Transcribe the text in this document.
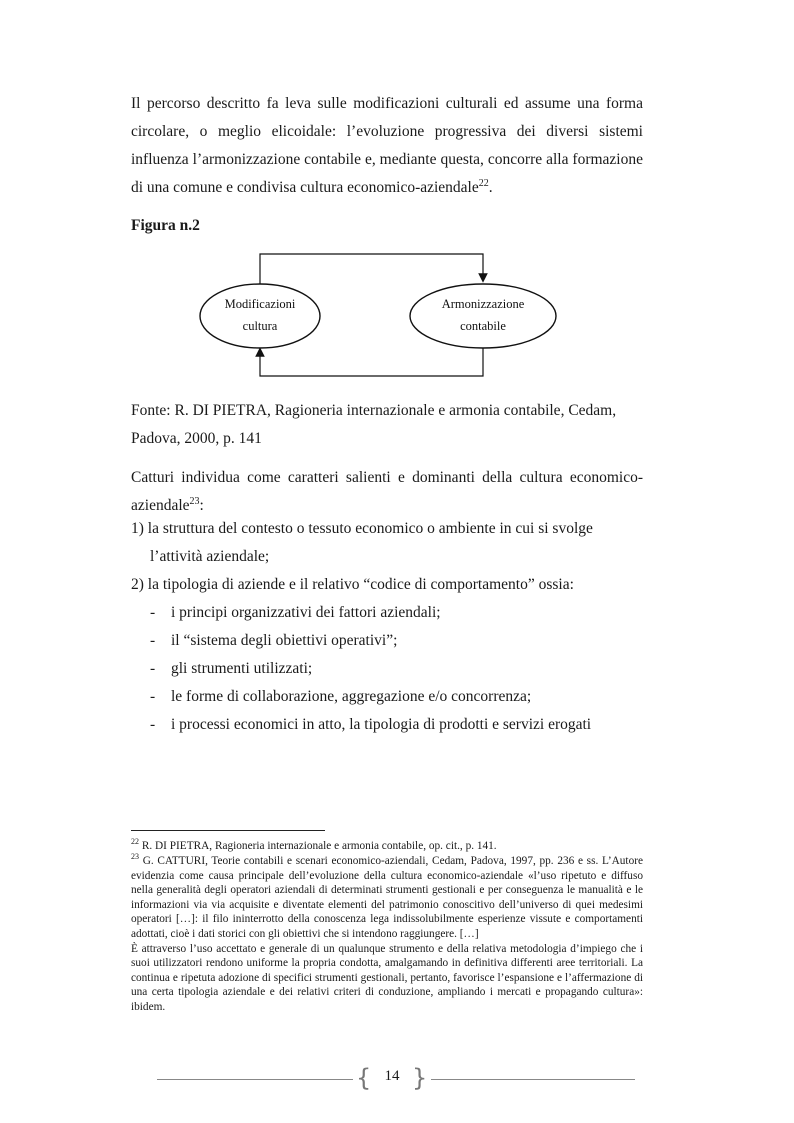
Il percorso descritto fa leva sulle modificazioni culturali ed assume una forma circolare, o meglio elicoidale: l’evoluzione progressiva dei diversi sistemi influenza l’armonizzazione contabile e, mediante questa, concorre alla formazione di una comune e condivisa cultura economico-aziendale$^{22}$.
Figura n.2
Modificazioni
cultura
Armonizzazione
contabile
Fonte: R. DI PIETRA, Ragioneria internazionale e armonia contabile, Cedam, Padova, 2000, p. 141
Catturi individua come caratteri salienti e dominanti della cultura economico-aziendale$^{23}$:
1) la struttura del contesto o tessuto economico o ambiente in cui si svolge
l’attività aziendale;
2) la tipologia di aziende e il relativo “codice di comportamento” ossia:
- i principi organizzativi dei fattori aziendali;
- il “sistema degli obiettivi operativi”;
- gli strumenti utilizzati;
- le forme di collaborazione, aggregazione e/o concorrenza;
- i processi economici in atto, la tipologia di prodotti e servizi erogati
$^{22}$ R. DI PIETRA, Ragioneria internazionale e armonia contabile, op. cit., p. 141.
$^{23}$ G. CATTURI, Teorie contabili e scenari economico-aziendali, Cedam, Padova, 1997, pp. 236 e ss. L’Autore evidenzia come causa principale dell’evoluzione della cultura economico-aziendale «l’uso ripetuto e diffuso nella generalità degli operatori aziendali di determinati strumenti gestionali e per conseguenza le manualità e le informazioni via via acquisite e diventate elementi del patrimonio conoscitivo dell’universo di quei medesimi operatori […]: il filo ininterrotto della conoscenza lega indissolubilmente esperienze vissute e comportamenti adottati, cioè i dati storici con gli obiettivi che si intendono raggiungere. […]
È attraverso l’uso accettato e generale di un qualunque strumento e della relativa metodologia d’impiego che i suoi utilizzatori rendono uniforme la propria condotta, amalgamando in definitiva differenti aree territoriali. La continua e ripetuta adozione di specifici strumenti gestionali, pertanto, favorisce l’espansione e l’affermazione di una certa tipologia aziendale e dei relativi criteri di conduzione, ampliando i mercati e propagando cultura»: ibidem.
{ 14 }
